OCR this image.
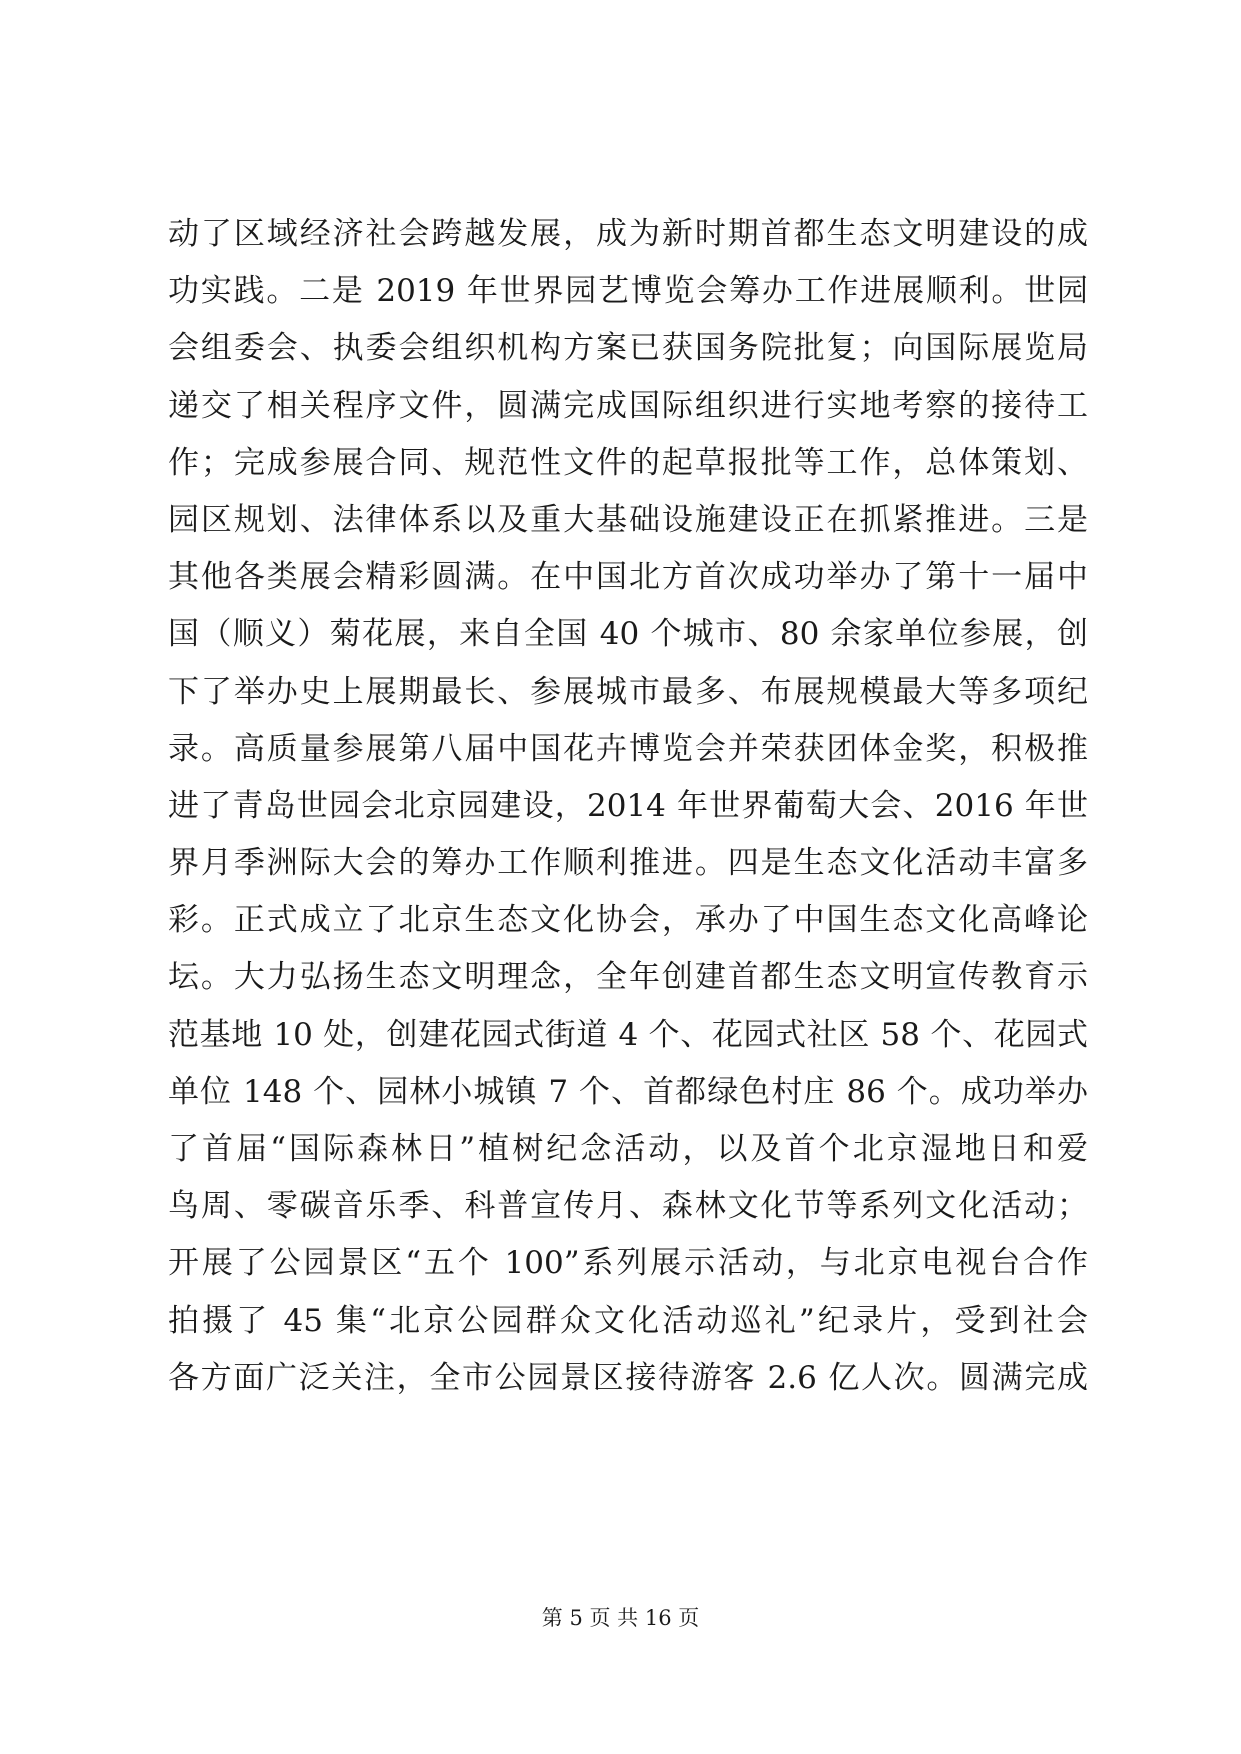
动了区域经济社会跨越发展，成为新时期首都生态文明建设的成
功实践。二是 2019 年世界园艺博览会筹办工作进展顺利。世园
会组委会、执委会组织机构方案已获国务院批复；向国际展览局
递交了相关程序文件，圆满完成国际组织进行实地考察的接待工
作；完成参展合同、规范性文件的起草报批等工作，总体策划、
园区规划、法律体系以及重大基础设施建设正在抓紧推进。三是
其他各类展会精彩圆满。在中国北方首次成功举办了第十一届中
国（顺义）菊花展，来自全国 40 个城市、80 余家单位参展，创
下了举办史上展期最长、参展城市最多、布展规模最大等多项纪
录。高质量参展第八届中国花卉博览会并荣获团体金奖，积极推
进了青岛世园会北京园建设，2014 年世界葡萄大会、2016 年世
界月季洲际大会的筹办工作顺利推进。四是生态文化活动丰富多
彩。正式成立了北京生态文化协会，承办了中国生态文化高峰论
坛。大力弘扬生态文明理念，全年创建首都生态文明宣传教育示
范基地 10 处，创建花园式街道 4 个、花园式社区 58 个、花园式
单位 148 个、园林小城镇 7 个、首都绿色村庄 86 个。成功举办
了首届“国际森林日”植树纪念活动，以及首个北京湿地日和爱
鸟周、零碳音乐季、科普宣传月、森林文化节等系列文化活动；
开展了公园景区“五个 100”系列展示活动，与北京电视台合作
拍摄了 45 集“北京公园群众文化活动巡礼”纪录片，受到社会
各方面广泛关注，全市公园景区接待游客 2.6 亿人次。圆满完成
第 5 页 共 16 页
